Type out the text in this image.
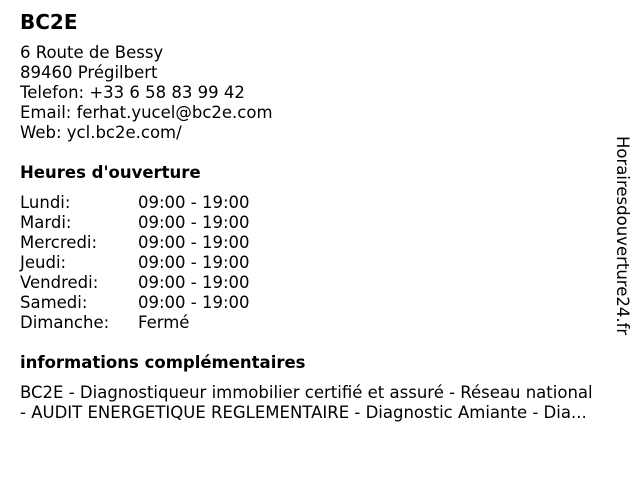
BC2E
6 Route de Bessy
89460 Prégilbert
Telefon: +33 6 58 83 99 42
Email: ferhat.yucel@bc2e.com
Web: ycl.bc2e.com/
Heures d'ouverture
Lundi:	09:00 - 19:00
Mardi:	09:00 - 19:00
Mercredi: 09:00 - 19:00
Jeudi:	09:00 - 19:00
Vendredi: 09:00 - 19:00
Samedi:	09:00 - 19:00
Dimanche: Fermé
informations complémentaires
BC2E - Diagnostiqueur immobilier certifié et assuré - Réseau national
- AUDIT ENERGETIQUE REGLEMENTAIRE - Diagnostic Amiante - Dia...
Horairesdouverture24.fr
